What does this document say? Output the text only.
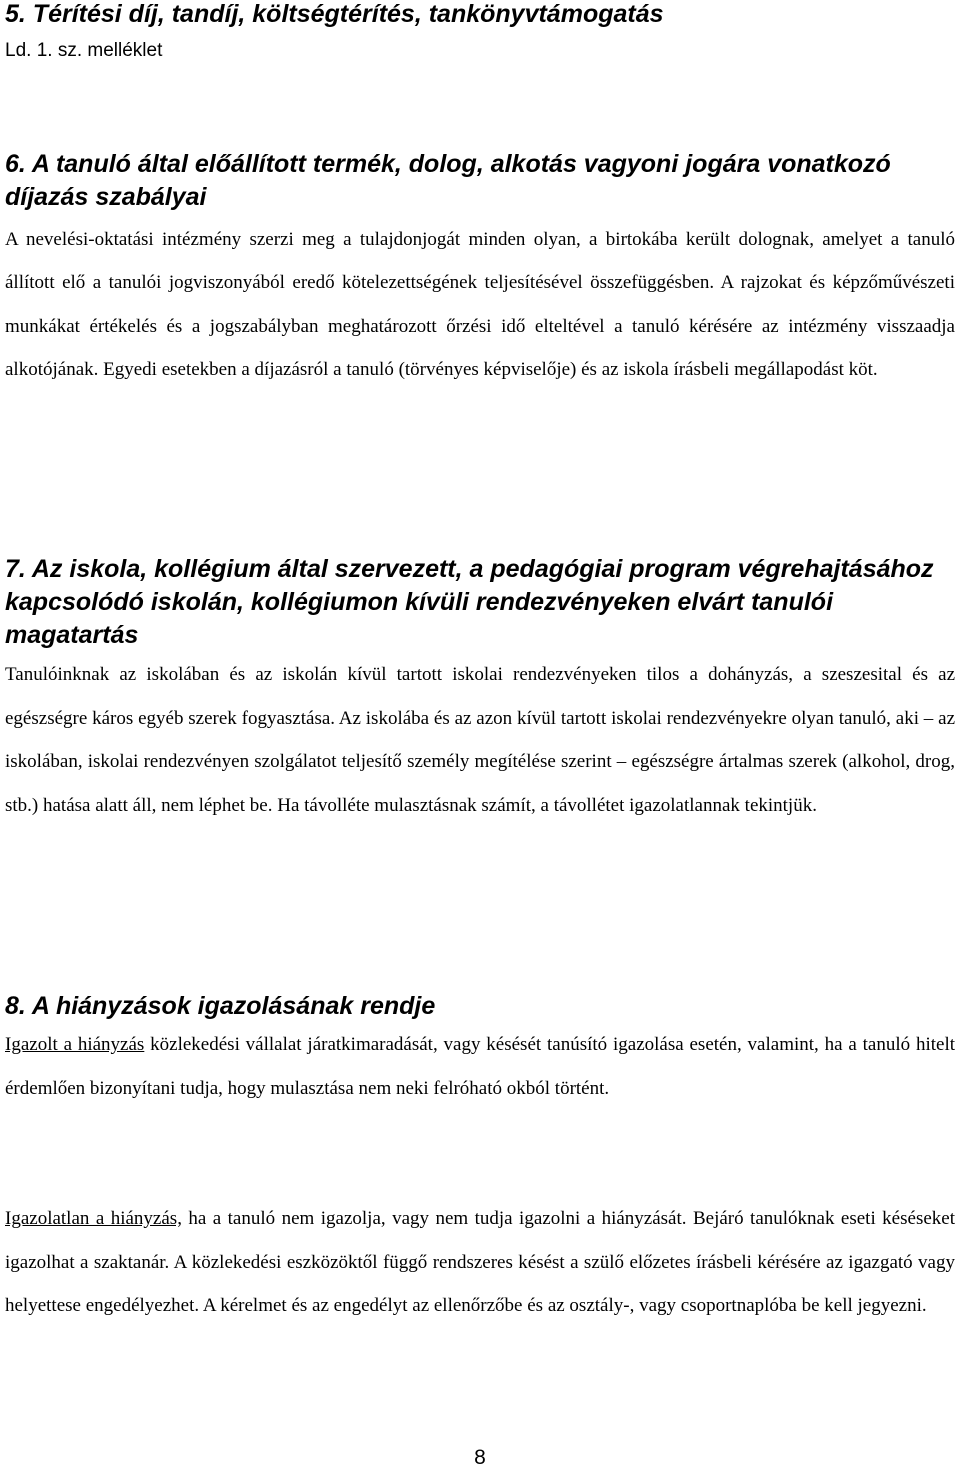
5. Térítési díj, tandíj, költségtérítés, tankönyvtámogatás

Ld. 1. sz. melléklet

6. A tanuló által előállított termék, dolog, alkotás vagyoni jogára vonatkozó díjazás szabályai

A nevelési-oktatási intézmény szerzi meg a tulajdonjogát minden olyan, a birtokába került dolognak, amelyet a tanuló állított elő a tanulói jogviszonyából eredő kötelezettségének teljesítésével összefüggésben. A rajzokat és képzőművészeti munkákat értékelés és a jogszabályban meghatározott őrzési idő elteltével a tanuló kérésére az intézmény visszaadja alkotójának. Egyedi esetekben a díjazásról a tanuló (törvényes képviselője) és az iskola írásbeli megállapodást köt.

7. Az iskola, kollégium által szervezett, a pedagógiai program végrehajtásához kapcsolódó iskolán, kollégiumon kívüli rendezvényeken elvárt tanulói magatartás

Tanulóinknak az iskolában és az iskolán kívül tartott iskolai rendezvényeken tilos a dohányzás, a szeszesital és az egészségre káros egyéb szerek fogyasztása. Az iskolába és az azon kívül tartott iskolai rendezvényekre olyan tanuló, aki – az iskolában, iskolai rendezvényen szolgálatot teljesítő személy megítélése szerint – egészségre ártalmas szerek (alkohol, drog, stb.) hatása alatt áll, nem léphet be. Ha távolléte mulasztásnak számít, a távollétet igazolatlannak tekintjük.

8. A hiányzások igazolásának rendje

Igazolt a hiányzás közlekedési vállalat járatkimaradását, vagy késését tanúsító igazolása esetén, valamint, ha a tanuló hitelt érdemlően bizonyítani tudja, hogy mulasztása nem neki felróható okból történt.

Igazolatlan a hiányzás, ha a tanuló nem igazolja, vagy nem tudja igazolni a hiányzását. Bejáró tanulóknak eseti késéseket igazolhat a szaktanár. A közlekedési eszközöktől függő rendszeres késést a szülő előzetes írásbeli kérésére az igazgató vagy helyettese engedélyezhet. A kérelmet és az engedélyt az ellenőrzőbe és az osztály-, vagy csoportnaplóba be kell jegyezni.

8
